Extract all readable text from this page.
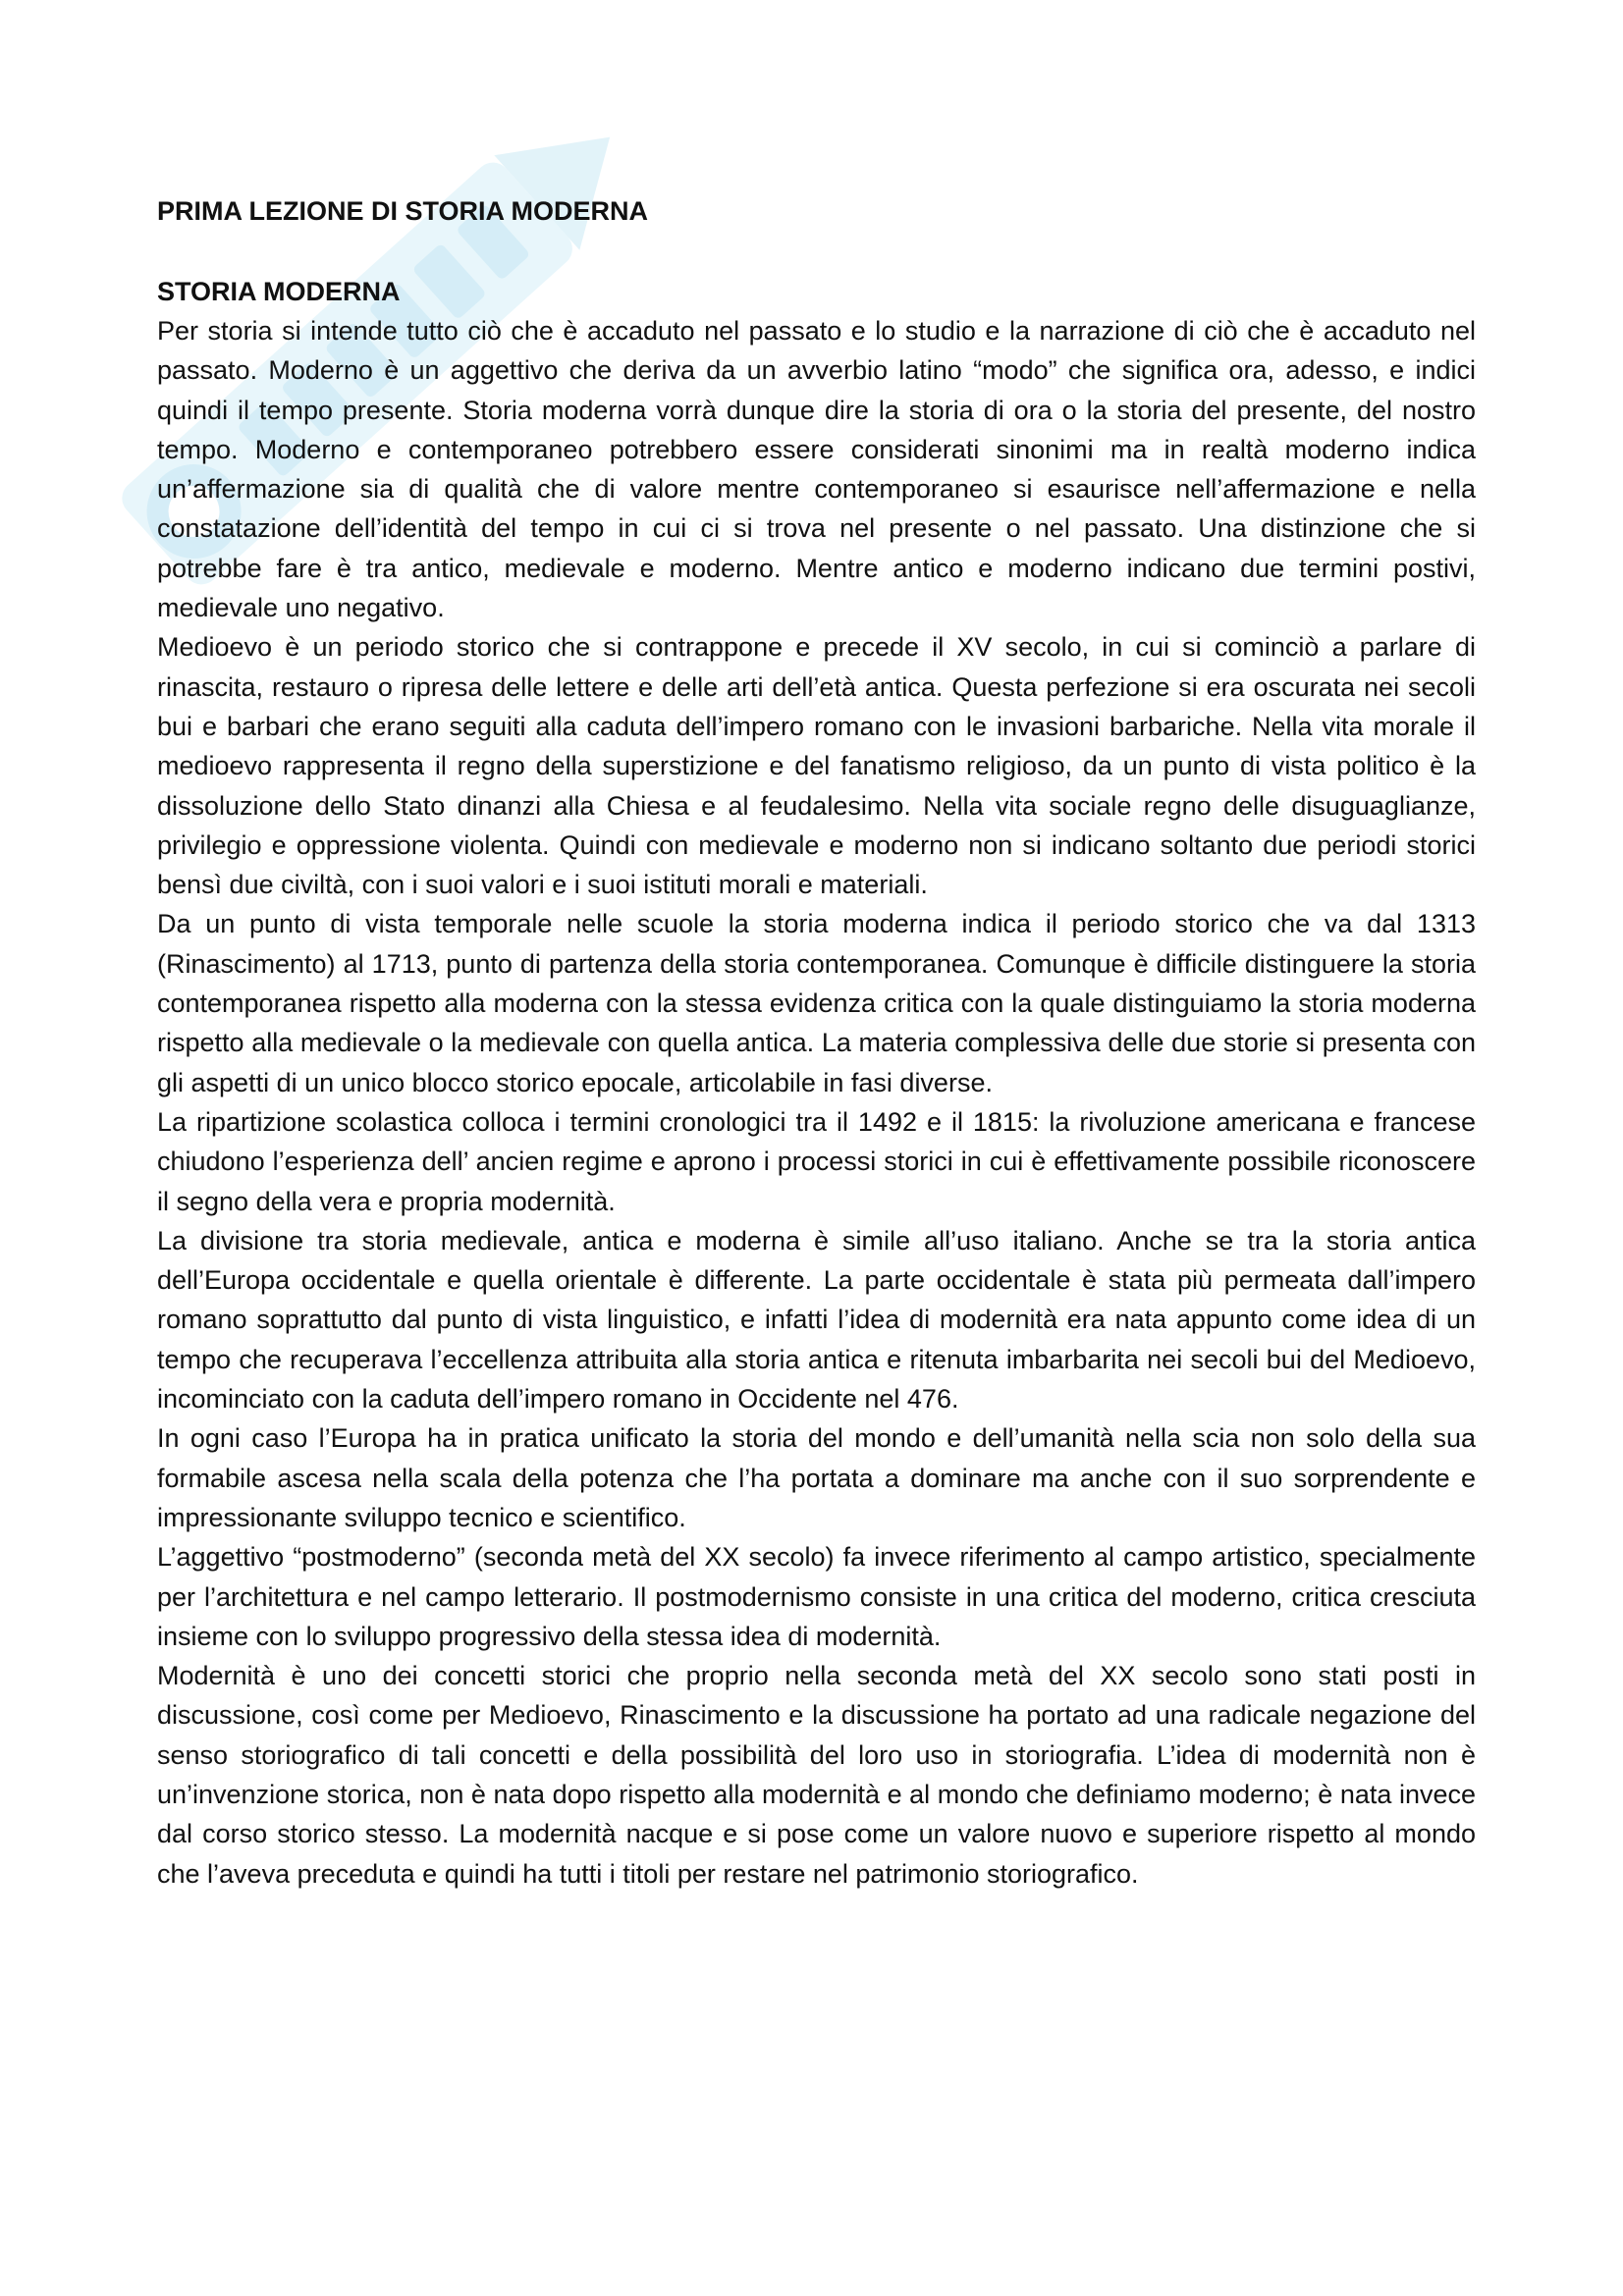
PRIMA LEZIONE DI STORIA MODERNA
STORIA MODERNA

Per storia si intende tutto ciò che è accaduto nel passato e lo studio e la narrazione di ciò che è accaduto nel passato. Moderno è un aggettivo che deriva da un avverbio latino “modo” che significa ora, adesso, e indici quindi il tempo presente. Storia moderna vorrà dunque dire la storia di ora o la storia del presente, del nostro tempo. Moderno e contemporaneo potrebbero essere considerati sinonimi ma in realtà moderno indica un’affermazione sia di qualità che di valore mentre contemporaneo si esaurisce nell’affermazione e nella constatazione dell’identità del tempo in cui ci si trova nel presente o nel passato. Una distinzione che si potrebbe fare è tra antico, medievale e moderno. Mentre antico e moderno indicano due termini postivi, medievale uno negativo.

Medioevo è un periodo storico che si contrappone e precede il XV secolo, in cui si cominciò a parlare di rinascita, restauro o ripresa delle lettere e delle arti dell’età antica. Questa perfezione si era oscurata nei secoli bui e barbari che erano seguiti alla caduta dell’impero romano con le invasioni barbariche. Nella vita morale il medioevo rappresenta il regno della superstizione e del fanatismo religioso, da un punto di vista politico è la dissoluzione dello Stato dinanzi alla Chiesa e al feudalesimo. Nella vita sociale regno delle disuguaglianze, privilegio e oppressione violenta. Quindi con medievale e moderno non si indicano soltanto due periodi storici bensì due civiltà, con i suoi valori e i suoi istituti morali e materiali.

Da un punto di vista temporale nelle scuole la storia moderna indica il periodo storico che va dal 1313 (Rinascimento) al 1713, punto di partenza della storia contemporanea. Comunque è difficile distinguere la storia contemporanea rispetto alla moderna con la stessa evidenza critica con la quale distinguiamo la storia moderna rispetto alla medievale o la medievale con quella antica. La materia complessiva delle due storie si presenta con gli aspetti di un unico blocco storico epocale, articolabile in fasi diverse.

La ripartizione scolastica colloca i termini cronologici tra il 1492 e il 1815: la rivoluzione americana e francese chiudono l’esperienza dell’ ancien regime e aprono i processi storici in cui è effettivamente possibile riconoscere il segno della vera e propria modernità.

La divisione tra storia medievale, antica e moderna è simile all’uso italiano. Anche se tra la storia antica dell’Europa occidentale e quella orientale è differente. La parte occidentale è stata più permeata dall’impero romano soprattutto dal punto di vista linguistico, e infatti l’idea di modernità era nata appunto come idea di un tempo che recuperava l’eccellenza attribuita alla storia antica e ritenuta imbarbarita nei secoli bui del Medioevo, incominciato con la caduta dell’impero romano in Occidente nel 476.

In ogni caso l’Europa ha in pratica unificato la storia del mondo e dell’umanità nella scia non solo della sua formabile ascesa nella scala della potenza che l’ha portata a dominare ma anche con il suo sorprendente e impressionante sviluppo tecnico e scientifico.

L’aggettivo “postmoderno” (seconda metà del XX secolo) fa invece riferimento al campo artistico, specialmente per l’architettura e nel campo letterario. Il postmodernismo consiste in una critica del moderno, critica cresciuta insieme con lo sviluppo progressivo della stessa idea di modernità.

Modernità è uno dei concetti storici che proprio nella seconda metà del XX secolo sono stati posti in discussione, così come per Medioevo, Rinascimento e la discussione ha portato ad una radicale negazione del senso storiografico di tali concetti e della possibilità del loro uso in storiografia. L’idea di modernità non è un’invenzione storica, non è nata dopo rispetto alla modernità e al mondo che definiamo moderno; è nata invece dal corso storico stesso. La modernità nacque e si pose come un valore nuovo e superiore rispetto al mondo che l’aveva preceduta e quindi ha tutti i titoli per restare nel patrimonio storiografico.
